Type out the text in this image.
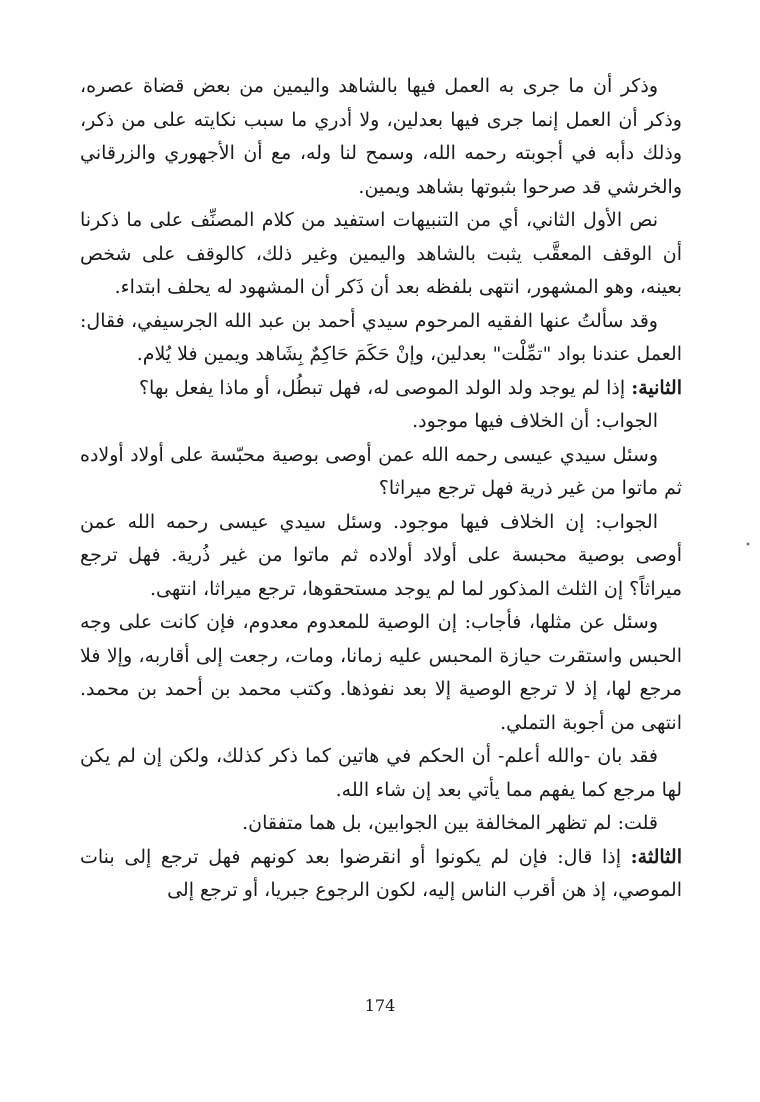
وذكر أن ما جرى به العمل فيها بالشاهد واليمين من بعض قضاة عصره، وذكر أن العمل إنما جرى فيها بعدلين، ولا أدري ما سبب نكايته على من ذكر، وذلك دأبه في أجوبته رحمه الله، وسمح لنا وله، مع أن الأجهوري والزرقاني والخرشي قد صرحوا بثبوتها بشاهد ويمين.

نص الأول الثاني، أي من التنبيهات استفيد من كلام المصنِّف على ما ذكرنا أن الوقف المعقَّب يثبت بالشاهد واليمين وغير ذلك، كالوقف على شخص بعينه، وهو المشهور، انتهى بلفظه بعد أن ذَكر أن المشهود له يحلف ابتداء.

وقد سألتُ عنها الفقيه المرحوم سيدي أحمد بن عبد الله الجرسيفي، فقال: العمل عندنا بواد "تمِّلْت" بعدلين، وإنْ حَكَمَ حَاكِمٌ بِشَاهد ويمين فلا يُلام.

الثانية: إذا لم يوجد ولد الولد الموصى له، فهل تبطُل، أو ماذا يفعل بها؟

الجواب: أن الخلاف فيها موجود.

وسئل سيدي عيسى رحمه الله عمن أوصى بوصية محبّسة على أولاد أولاده ثم ماتوا من غير ذرية فهل ترجع ميراثا؟

الجواب: إن الخلاف فيها موجود. وسئل سيدي عيسى رحمه الله عمن أوصى بوصية محبسة على أولاد أولاده ثم ماتوا من غير ذُرية. فهل ترجع ميراثاً؟ إن الثلث المذكور لما لم يوجد مستحقوها، ترجع ميراثا، انتهى.

وسئل عن مثلها، فأجاب: إن الوصية للمعدوم معدوم، فإن كانت على وجه الحبس واستقرت حيازة المحبس عليه زمانا، ومات، رجعت إلى أقاربه، وإلا فلا مرجع لها، إذ لا ترجع الوصية إلا بعد نفوذها. وكتب محمد بن أحمد بن محمد. انتهى من أجوبة التملي.

فقد بان -والله أعلم- أن الحكم في هاتين كما ذكر كذلك، ولكن إن لم يكن لها مرجع كما يفهم مما يأتي بعد إن شاء الله.

قلت: لم تظهر المخالفة بين الجوابين، بل هما متفقان.

الثالثة: إذا قال: فإن لم يكونوا أو انقرضوا بعد كونهم فهل ترجع إلى بنات الموصي، إذ هن أقرب الناس إليه، لكون الرجوع جبريا، أو ترجع إلى

•
174
